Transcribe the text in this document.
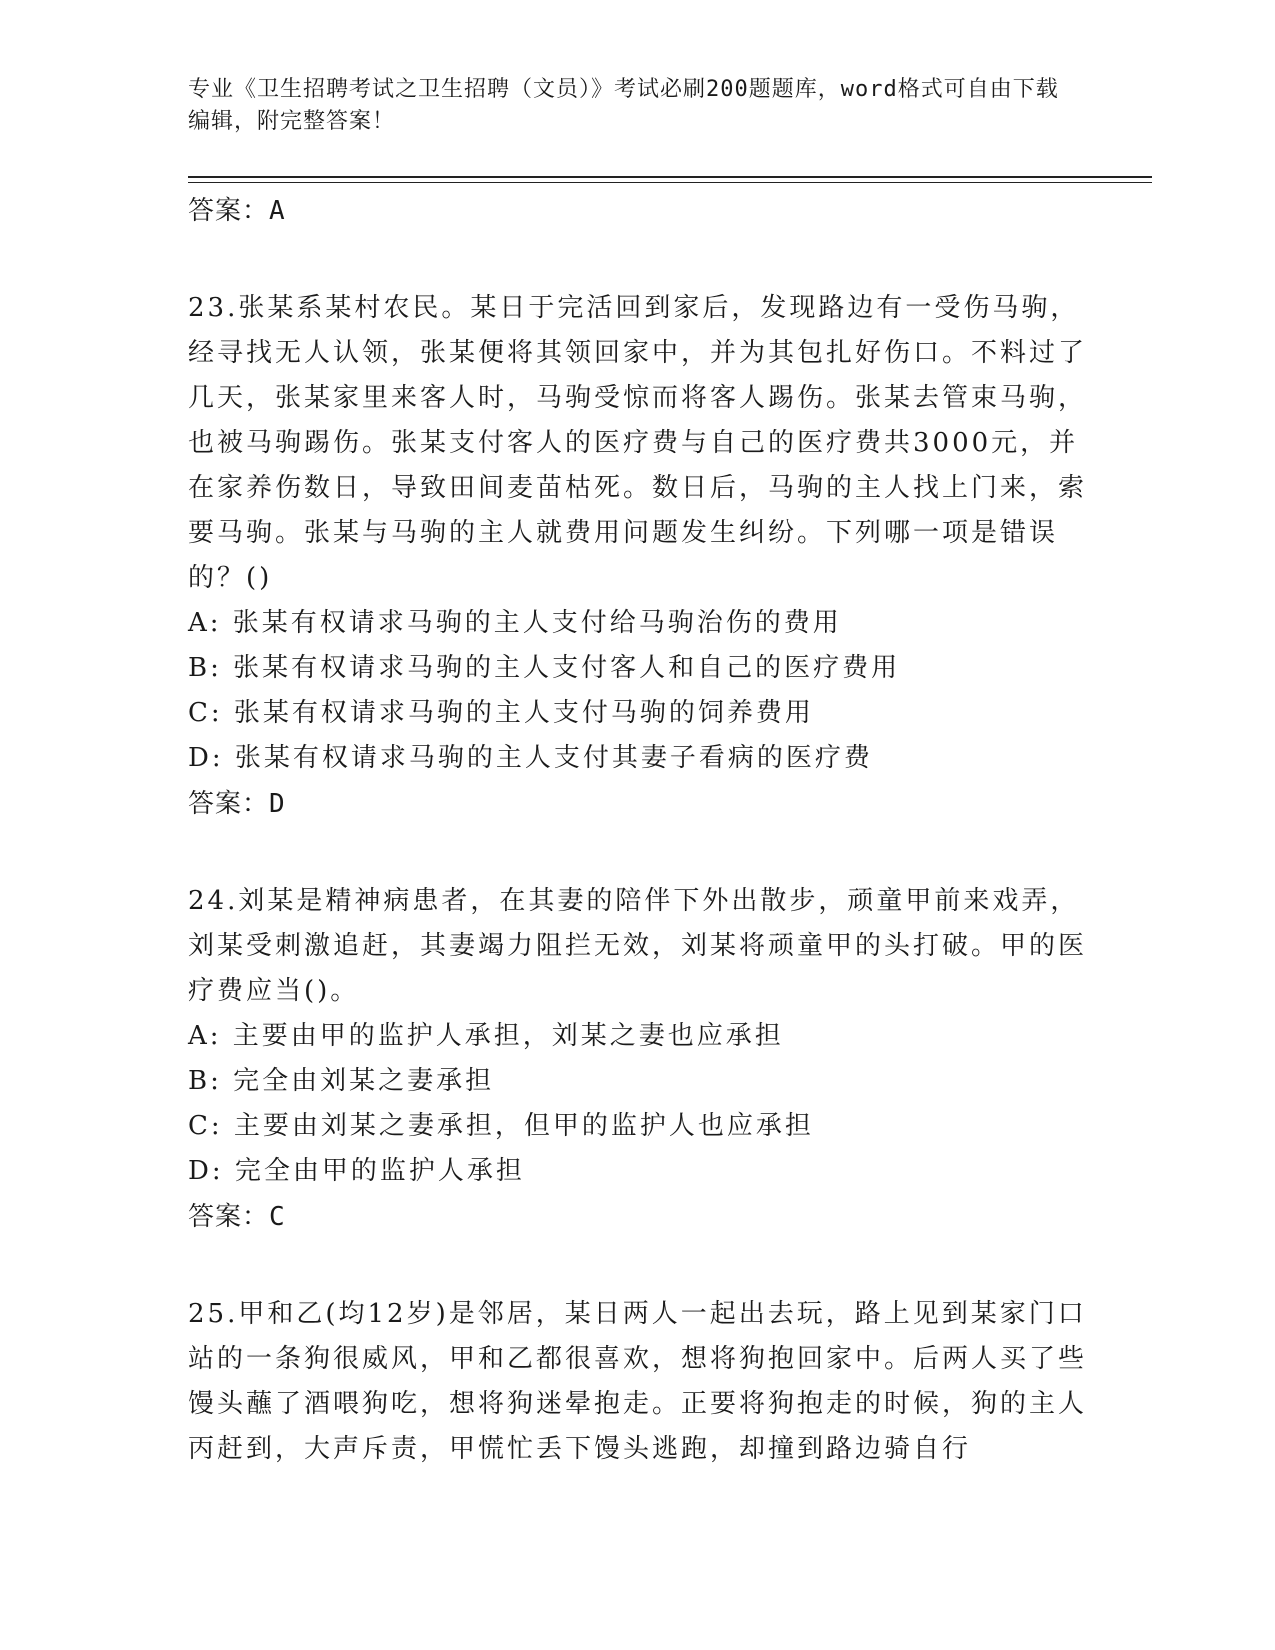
专业《卫生招聘考试之卫生招聘（文员）》考试必刷200题题库，word格式可自由下载编辑，附完整答案！
答案：A

23.张某系某村农民。某日于完活回到家后，发现路边有一受伤马驹，经寻找无人认领，张某便将其领回家中，并为其包扎好伤口。不料过了几天，张某家里来客人时，马驹受惊而将客人踢伤。张某去管束马驹，也被马驹踢伤。张某支付客人的医疗费与自己的医疗费共3000元，并在家养伤数日，导致田间麦苗枯死。数日后，马驹的主人找上门来，索要马驹。张某与马驹的主人就费用问题发生纠纷。下列哪一项是错误的？()

A: 张某有权请求马驹的主人支付给马驹治伤的费用
B: 张某有权请求马驹的主人支付客人和自己的医疗费用
C: 张某有权请求马驹的主人支付马驹的饲养费用
D: 张某有权请求马驹的主人支付其妻子看病的医疗费
答案：D

24.刘某是精神病患者，在其妻的陪伴下外出散步，顽童甲前来戏弄，刘某受刺激追赶，其妻竭力阻拦无效，刘某将顽童甲的头打破。甲的医疗费应当()。

A: 主要由甲的监护人承担，刘某之妻也应承担
B: 完全由刘某之妻承担
C: 主要由刘某之妻承担，但甲的监护人也应承担
D: 完全由甲的监护人承担
答案：C

25.甲和乙(均12岁)是邻居，某日两人一起出去玩，路上见到某家门口站的一条狗很威风，甲和乙都很喜欢，想将狗抱回家中。后两人买了些馒头蘸了酒喂狗吃，想将狗迷晕抱走。正要将狗抱走的时候，狗的主人丙赶到，大声斥责，甲慌忙丢下馒头逃跑，却撞到路边骑自行
